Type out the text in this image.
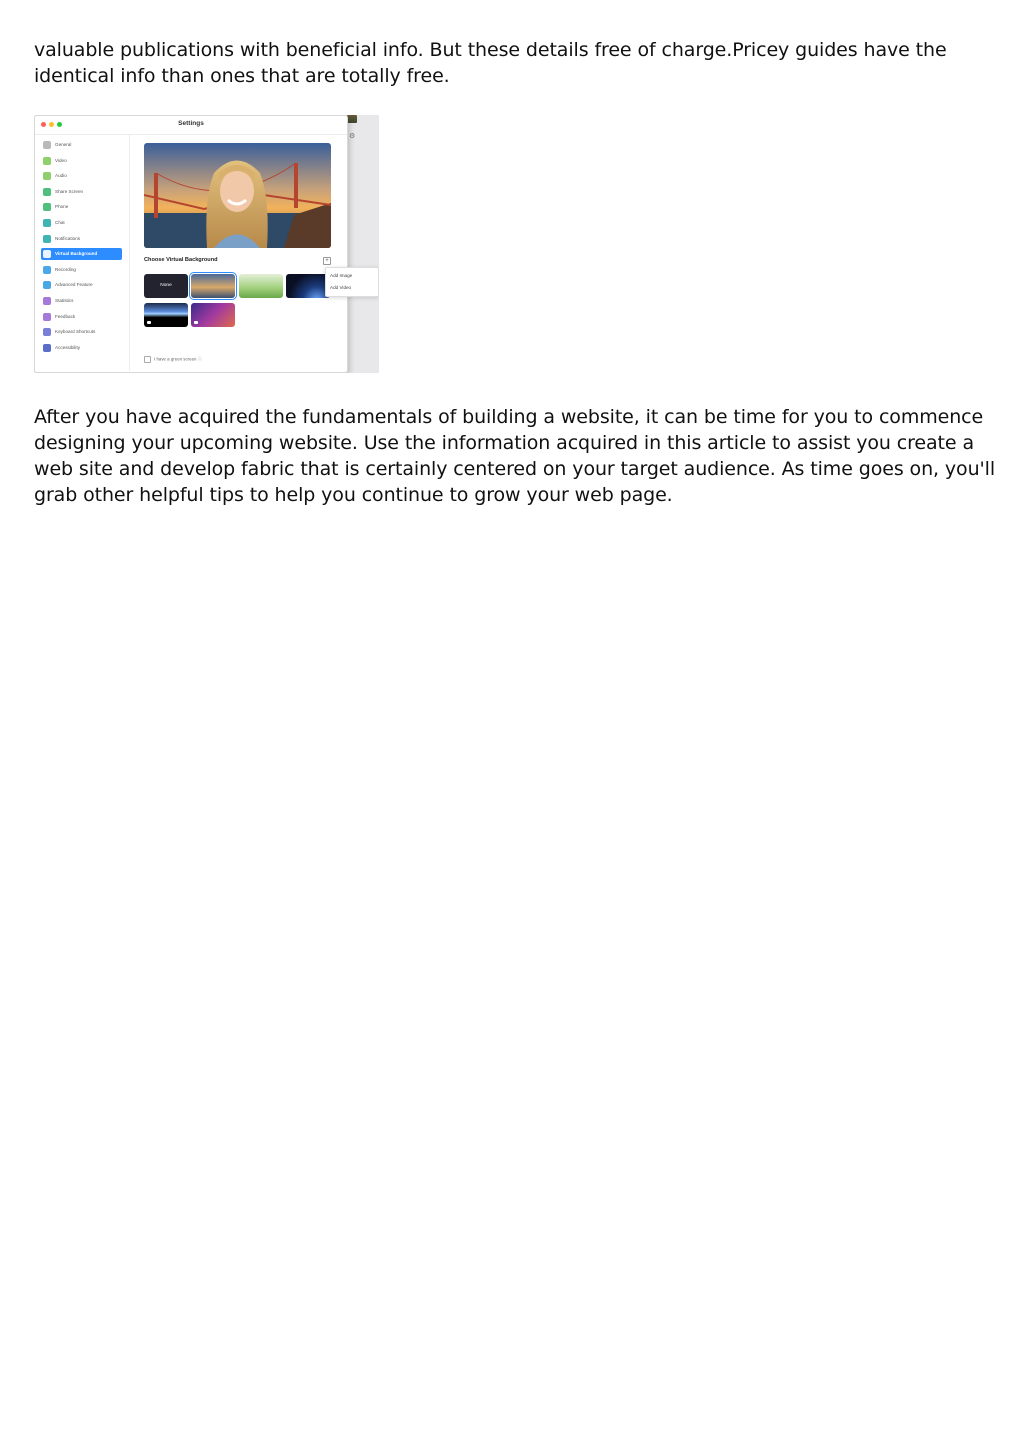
valuable publications with beneficial info. But these details free of charge.Pricey guides have the identical info than ones that are totally free.

⚙
Settings
General
Video
Audio
Share Screen
Phone
Chat
Notifications
Virtual Background
Recording
Advanced Feature
Statistics
Feedback
Keyboard Shortcuts
Accessibility
Choose Virtual Background	+
None
I have a green screen ⓘ
Add Image
Add Video

After you have acquired the fundamentals of building a website, it can be time for you to commence designing your upcoming website. Use the information acquired in this article to assist you create a web site and develop fabric that is certainly centered on your target audience. As time goes on, you'll grab other helpful tips to help you continue to grow your web page.
